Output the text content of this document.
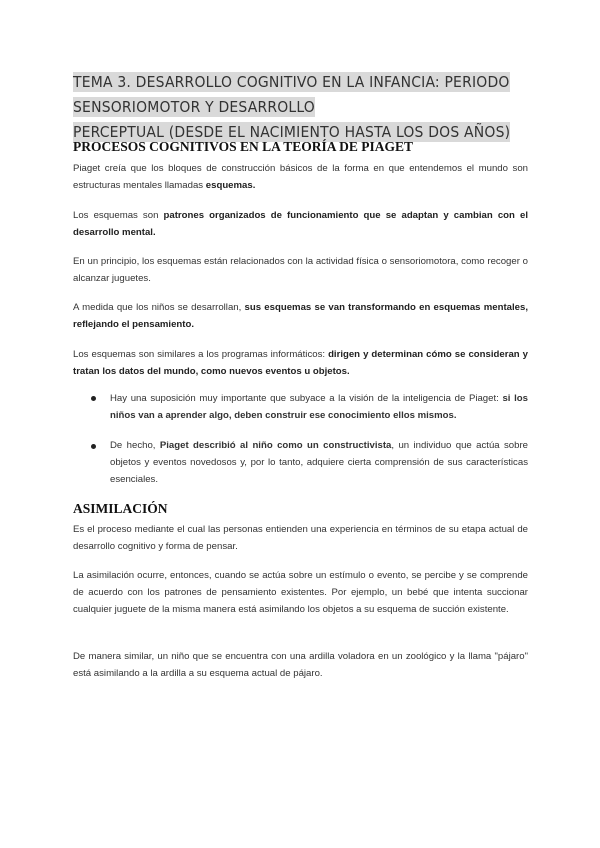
TEMA 3. DESARROLLO COGNITIVO EN LA INFANCIA: PERIODO SENSORIOMOTOR Y DESARROLLO
PERCEPTUAL (DESDE EL NACIMIENTO HASTA LOS DOS AÑOS)
PROCESOS COGNITIVOS EN LA TEORÍA DE PIAGET

Piaget creía que los bloques de construcción básicos de la forma en que entendemos el mundo son estructuras mentales llamadas esquemas.

Los esquemas son patrones organizados de funcionamiento que se adaptan y cambian con el desarrollo mental.

En un principio, los esquemas están relacionados con la actividad física o sensoriomotora, como recoger o alcanzar juguetes.

A medida que los niños se desarrollan, sus esquemas se van transformando en esquemas mentales, reflejando el pensamiento.

Los esquemas son similares a los programas informáticos: dirigen y determinan cómo se consideran y tratan los datos del mundo, como nuevos eventos u objetos.

Hay una suposición muy importante que subyace a la visión de la inteligencia de Piaget: si los niños van a aprender algo, deben construir ese conocimiento ellos mismos.

De hecho, Piaget describió al niño como un constructivista, un individuo que actúa sobre objetos y eventos novedosos y, por lo tanto, adquiere cierta comprensión de sus características esenciales.

ASIMILACIÓN

Es el proceso mediante el cual las personas entienden una experiencia en términos de su etapa actual de desarrollo cognitivo y forma de pensar.

La asimilación ocurre, entonces, cuando se actúa sobre un estímulo o evento, se percibe y se comprende de acuerdo con los patrones de pensamiento existentes. Por ejemplo, un bebé que intenta succionar cualquier juguete de la misma manera está asimilando los objetos a su esquema de succión existente.

De manera similar, un niño que se encuentra con una ardilla voladora en un zoológico y la llama "pájaro" está asimilando a la ardilla a su esquema actual de pájaro.
